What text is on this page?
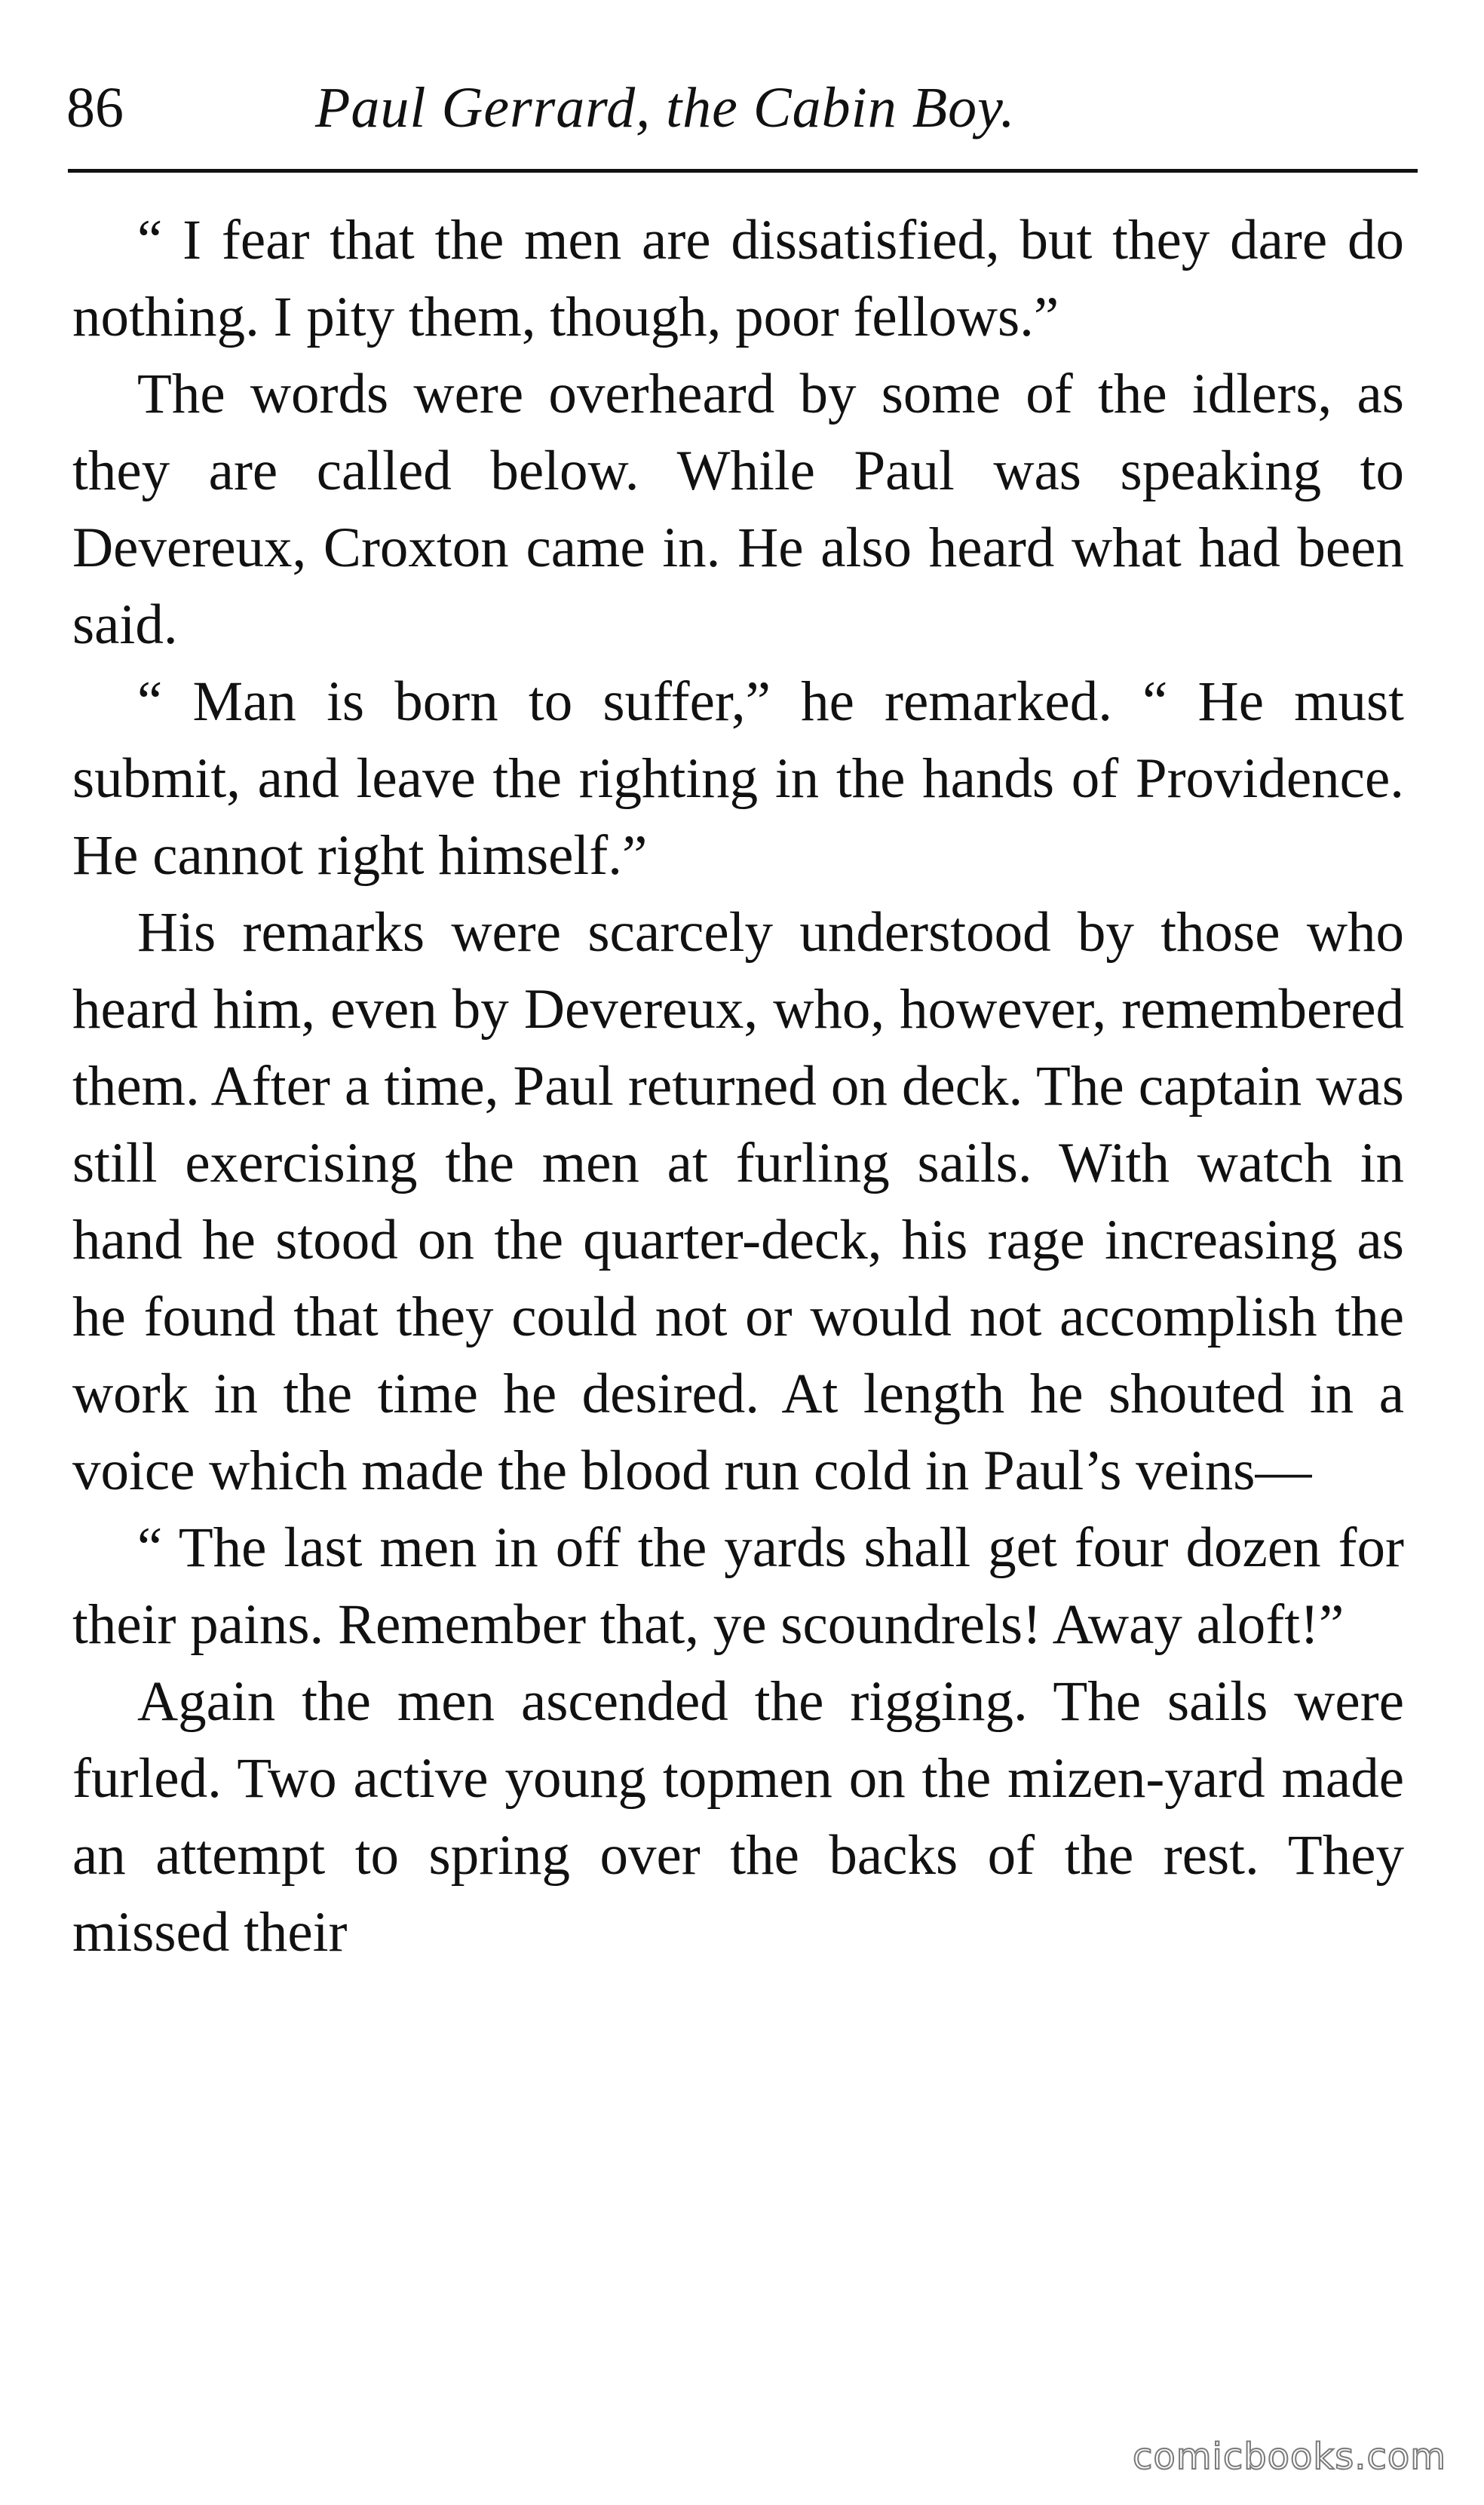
86	Paul Gerrard, the Cabin Boy.

“ I fear that the men are dissatisfied, but they dare do nothing. I pity them, though, poor fellows.”

The words were overheard by some of the idlers, as they are called below. While Paul was speaking to Devereux, Croxton came in. He also heard what had been said.

“ Man is born to suffer,” he remarked. “ He must submit, and leave the righting in the hands of Providence. He cannot right himself.”

His remarks were scarcely understood by those who heard him, even by Devereux, who, however, remembered them. After a time, Paul returned on deck. The captain was still exercising the men at furling sails. With watch in hand he stood on the quarter-deck, his rage increasing as he found that they could not or would not accomplish the work in the time he desired. At length he shouted in a voice which made the blood run cold in Paul’s veins—

“ The last men in off the yards shall get four dozen for their pains. Remember that, ye scoundrels! Away aloft!”

Again the men ascended the rigging. The sails were furled. Two active young topmen on the mizen-yard made an attempt to spring over the backs of the rest. They missed their

comicbooks.com
